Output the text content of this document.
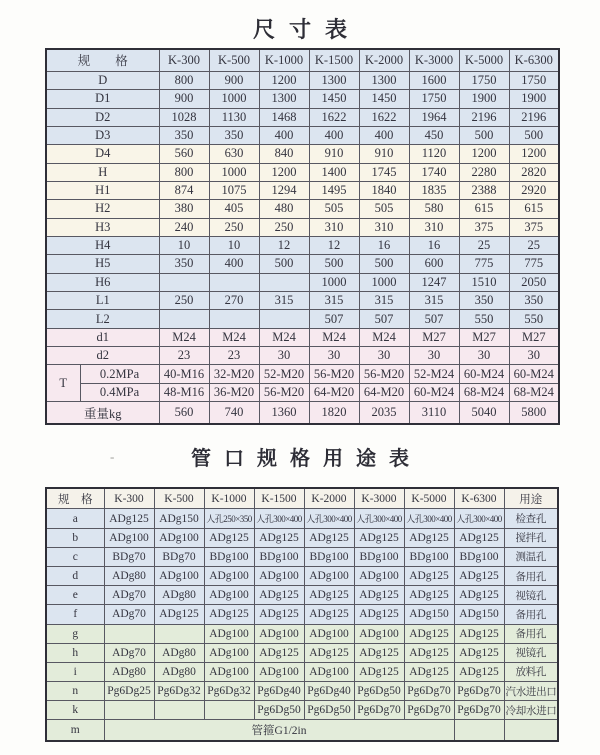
尺寸表
规　　格		K-300	K-500	K-1000	K-1500	K-2000	K-3000	K-5000	K-6300
D		800	900	1200	1300	1300	1600	1750	1750
D1		900	1000	1300	1450	1450	1750	1900	1900
D2		1028	1130	1468	1622	1622	1964	2196	2196
D3		350	350	400	400	400	450	500	500
D4		560	630	840	910	910	1120	1200	1200
H		800	1000	1200	1400	1745	1740	2280	2820
H1		874	1075	1294	1495	1840	1835	2388	2920
H2		380	405	480	505	505	580	615	615
H3		240	250	250	310	310	310	375	375
H4		10	10	12	12	16	16	25	25
H5		350	400	500	500	500	600	775	775
H6					1000	1000	1247	1510	2050
L1		250	270	315	315	315	315	350	350
L2					507	507	507	550	550
d1		M24	M24	M24	M24	M24	M27	M27	M27
d2		23	23	30	30	30	30	30	30
T	0.2MPa	40-M16	32-M20	52-M20	56-M20	56-M20	52-M24	60-M24	60-M24
	0.4MPa	48-M16	36-M20	56-M20	64-M20	64-M20	60-M24	68-M24	68-M24
重量kg		560	740	1360	1820	2035	3110	5040	5800
-	管口规格用途表
规　格	K-300	K-500	K-1000	K-1500	K-2000	K-3000	K-5000	K-6300	用途
a	ADg125	ADg150	人孔250×350	人孔300×400	人孔300×400	人孔300×400	人孔300×400	人孔300×400	检查孔
b	ADg100	ADg100	ADg125	ADg125	ADg125	ADg125	ADg125	ADg125	搅拌孔
c	BDg70	BDg70	BDg100	BDg100	BDg100	BDg100	BDg100	BDg100	测温孔
d	ADg80	ADg100	ADg100	ADg100	ADg100	ADg100	ADg125	ADg125	备用孔
e	ADg70	ADg80	ADg100	ADg125	ADg125	ADg125	ADg125	ADg125	视镜孔
f	ADg70	ADg125	ADg125	ADg125	ADg125	ADg125	ADg150	ADg150	备用孔
g			ADg100	ADg100	ADg100	ADg100	ADg125	ADg125	备用孔
h	ADg70	ADg80	ADg100	ADg125	ADg125	ADg125	ADg125	ADg125	视镜孔
i	ADg80	ADg80	ADg100	ADg100	ADg100	ADg125	ADg125	ADg125	放料孔
n	Pg6Dg25	Pg6Dg32	Pg6Dg32	Pg6Dg40	Pg6Dg40	Pg6Dg50	Pg6Dg70	Pg6Dg70	汽水进出口
k				Pg6Dg50	Pg6Dg50	Pg6Dg70	Pg6Dg70	Pg6Dg70	冷却水进口
m	管箍G1/2in								
